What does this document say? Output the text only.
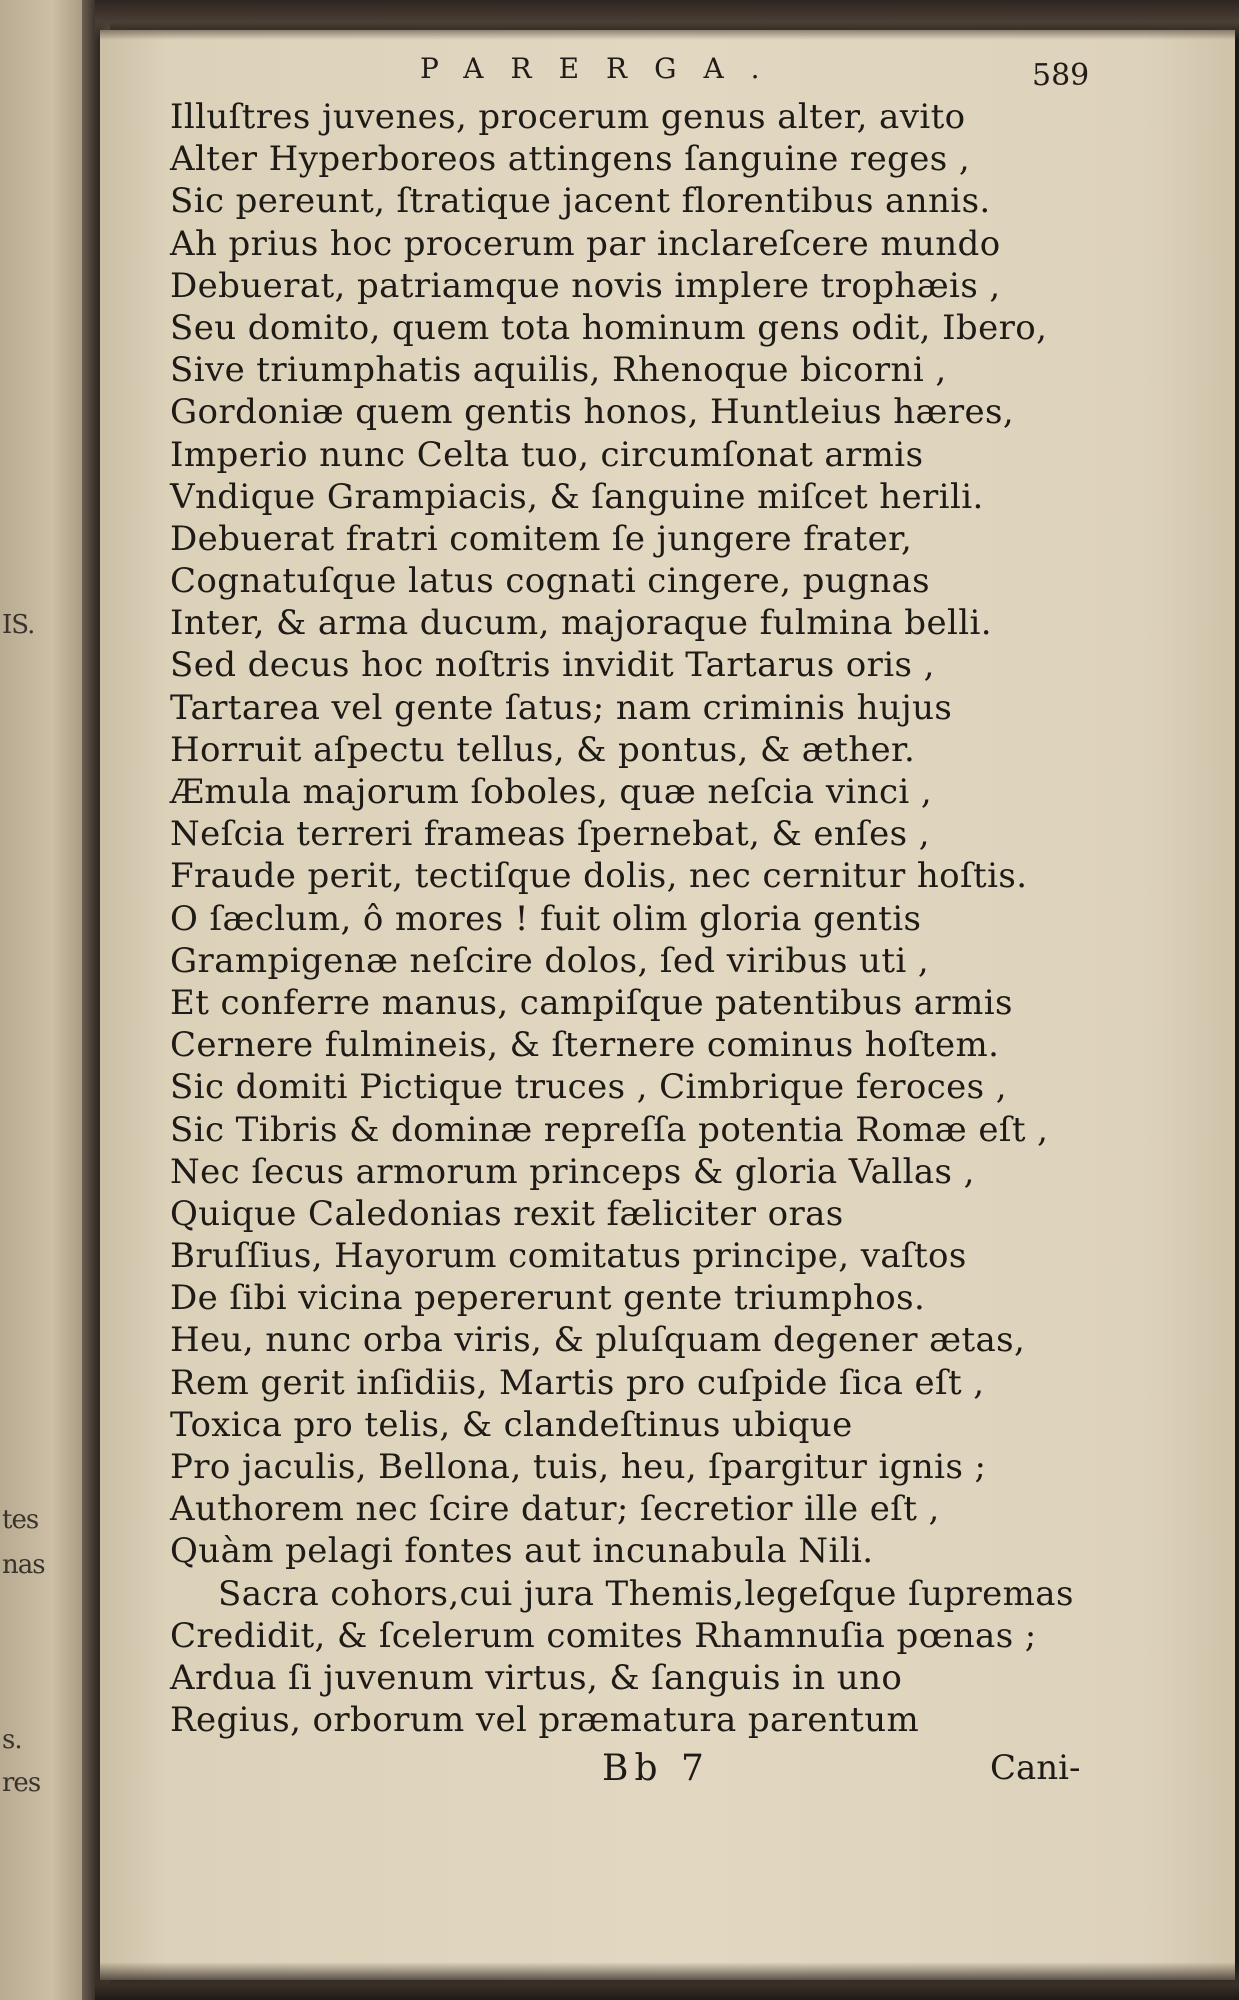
IS.
tes
nas
s.
res
PARERGA.	589
Illuſtres juvenes, procerum genus alter, avito
Alter Hyperboreos attingens ſanguine reges ,
Sic pereunt, ſtratique jacent florentibus annis.
Ah prius hoc procerum par inclareſcere mundo
Debuerat, patriamque novis implere trophæis ,
Seu domito, quem tota hominum gens odit, Ibero,
Sive triumphatis aquilis, Rhenoque bicorni ,
Gordoniæ quem gentis honos, Huntleius hæres,
Imperio nunc Celta tuo, circumſonat armis
Vndique Grampiacis, & ſanguine miſcet herili.
Debuerat fratri comitem ſe jungere frater,
Cognatuſque latus cognati cingere, pugnas
Inter, & arma ducum, majoraque fulmina belli.
Sed decus hoc noſtris invidit Tartarus oris ,
Tartarea vel gente ſatus; nam criminis hujus
Horruit aſpectu tellus, & pontus, & æther.
Æmula majorum ſoboles, quæ neſcia vinci ,
Neſcia terreri frameas ſpernebat, & enſes ,
Fraude perit, tectiſque dolis, nec cernitur hoſtis.
O ſæclum, ô mores ! fuit olim gloria gentis
Grampigenæ neſcire dolos, ſed viribus uti ,
Et conferre manus, campiſque patentibus armis
Cernere fulmineis, & ſternere cominus hoſtem.
Sic domiti Pictique truces , Cimbrique feroces ,
Sic Tibris & dominæ repreſſa potentia Romæ eſt ,
Nec ſecus armorum princeps & gloria Vallas ,
Quique Caledonias rexit fæliciter oras
Bruſſius, Hayorum comitatus principe, vaſtos
De ſibi vicina pepererunt gente triumphos.
Heu, nunc orba viris, & pluſquam degener ætas,
Rem gerit inſidiis, Martis pro cuſpide ſica eſt ,
Toxica pro telis, & clandeſtinus ubique
Pro jaculis, Bellona, tuis, heu, ſpargitur ignis ;
Authorem nec ſcire datur; ſecretior ille eſt ,
Quàm pelagi fontes aut incunabula Nili.
Sacra cohors,cui jura Themis,legeſque ſupremas
Credidit, & ſcelerum comites Rhamnuſia pœnas ;
Ardua ſi juvenum virtus, & ſanguis in uno
Regius, orborum vel præmatura parentum
Bb 7	Cani-
